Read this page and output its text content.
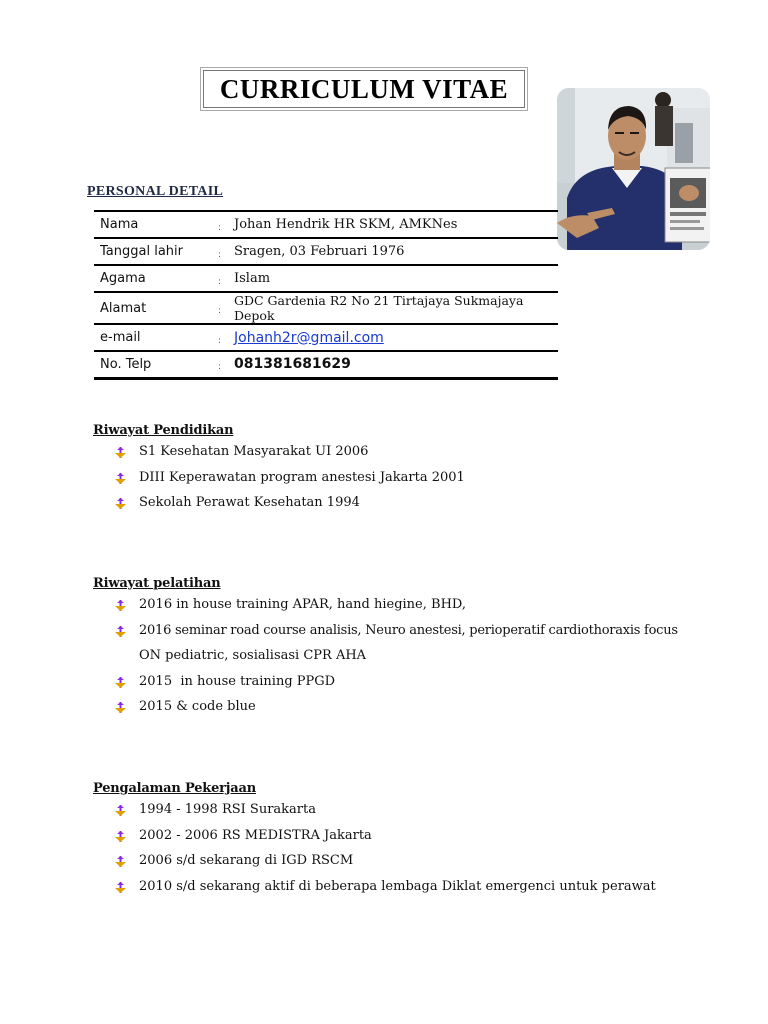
CURRICULUM VITAE
PERSONAL DETAIL
Nama	:	Johan Hendrik HR SKM, AMKNes
Tanggal lahir	:	Sragen, 03 Februari 1976
Agama	:	Islam
Alamat	:	GDC Gardenia R2 No 21 Tirtajaya Sukmajaya Depok
e-mail	:	Johanh2r@gmail.com
No. Telp	:	081381681629
Riwayat Pendidikan
S1 Kesehatan Masyarakat UI 2006
DIII Keperawatan program anestesi Jakarta 2001
Sekolah Perawat Kesehatan 1994
Riwayat pelatihan
2016 in house training APAR, hand hiegine, BHD,
2016 seminar road course analisis, Neuro anestesi, perioperatif cardiothoraxis focus
ON pediatric, sosialisasi CPR AHA
2015  in house training PPGD
2015 & code blue
Pengalaman Pekerjaan
1994 - 1998 RSI Surakarta
2002 - 2006 RS MEDISTRA Jakarta
2006 s/d sekarang di IGD RSCM
2010 s/d sekarang aktif di beberapa lembaga Diklat emergenci untuk perawat
